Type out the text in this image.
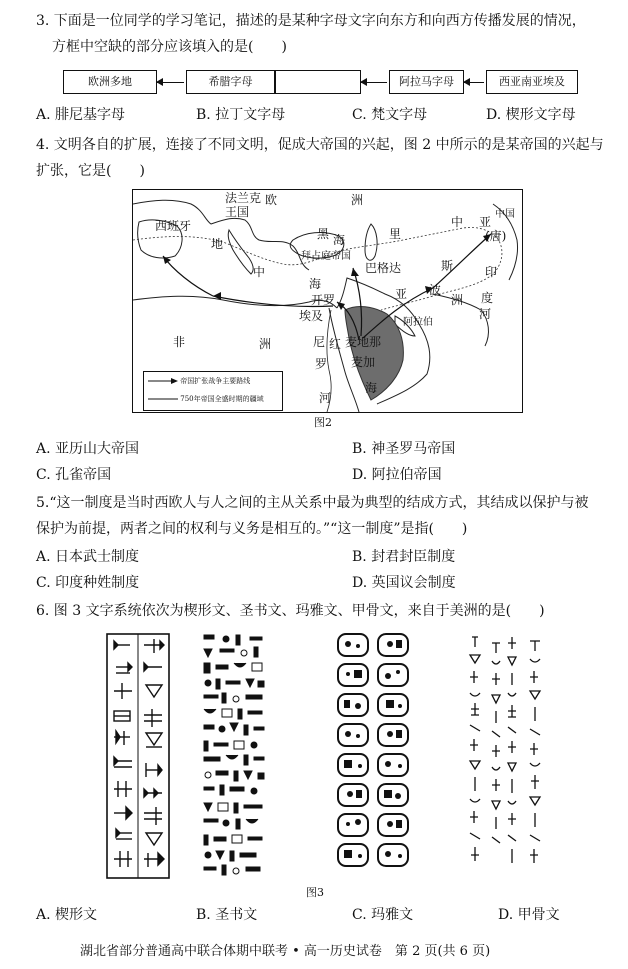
3. 下面是一位同学的学习笔记，描述的是某种字母文字向东方和向西方传播发展的情况，
方框中空缺的部分应该填入的是(　　)
欧洲多地	希腊字母	阿拉马字母	西亚南亚埃及
A. 腓尼基字母	B. 拉丁文字母	C. 梵文字母	D. 楔形文字母
4. 文明各自的扩展，连接了不同文明，促成大帝国的兴起，图 2 中所示的是某帝国的兴起与
扩张，它是(　　)
法兰克
王国
欧	洲
西班牙
地
黑 海
拜占庭帝国
里
中 亚
中国
(唐)
中
海
巴格达	斯	印
开罗	亚 波
度
埃及
洲
河
非	洲	尼 红
罗
麦地那
麦加
海
河
阿拉伯
帝国扩张战争主要路线
750年帝国全盛时期的疆域
图2
A. 亚历山大帝国	B. 神圣罗马帝国
C. 孔雀帝国	D. 阿拉伯帝国
5.“这一制度是当时西欧人与人之间的主从关系中最为典型的结成方式，其结成以保护与被
保护为前提，两者之间的权利与义务是相互的。”“这一制度”是指(　　)
A. 日本武士制度	B. 封君封臣制度
C. 印度种姓制度	D. 英国议会制度
6. 图 3 文字系统依次为楔形文、圣书文、玛雅文、甲骨文，来自于美洲的是(　　)
图3
A. 楔形文	B. 圣书文	C. 玛雅文	D. 甲骨文
湖北省部分普通高中联合体期中联考 • 高一历史试卷　第 2 页(共 6 页)
